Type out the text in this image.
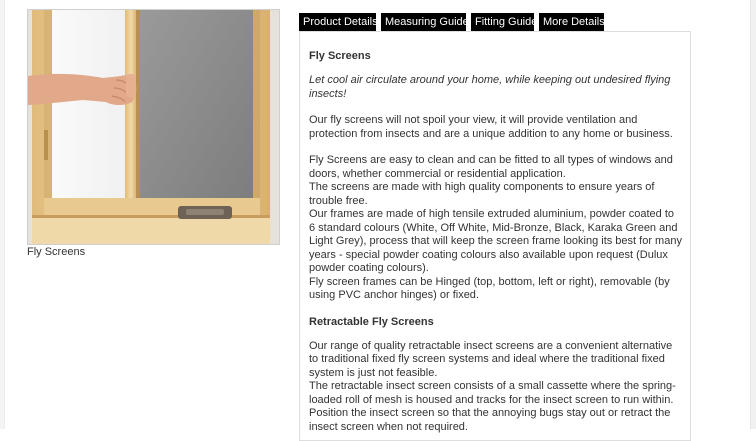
Fly Screens
Product Details Measuring Guide Fitting Guide More Details
Fly Screens

Let cool air circulate around your home, while keeping out undesired flying insects!

Our fly screens will not spoil your view, it will provide ventilation and protection from insects and are a unique addition to any home or business.

Fly Screens are easy to clean and can be fitted to all types of windows and doors, whether commercial or residential application.

The screens are made with high quality components to ensure years of trouble free.

Our frames are made of high tensile extruded aluminium, powder coated to 6 standard colours (White, Off White, Mid-Bronze, Black, Karaka Green and Light Grey), process that will keep the screen frame looking its best for many years - special powder coating colours also available upon request (Dulux powder coating colours).

Fly screen frames can be Hinged (top, bottom, left or right), removable (by using PVC anchor hinges) or fixed.

Retractable Fly Screens

Our range of quality retractable insect screens are a convenient alternative to traditional fixed fly screen systems and ideal where the traditional fixed system is just not feasible.

The retractable insect screen consists of a small cassette where the spring-loaded roll of mesh is housed and tracks for the insect screen to run within.

Position the insect screen so that the annoying bugs stay out or retract the insect screen when not required.
